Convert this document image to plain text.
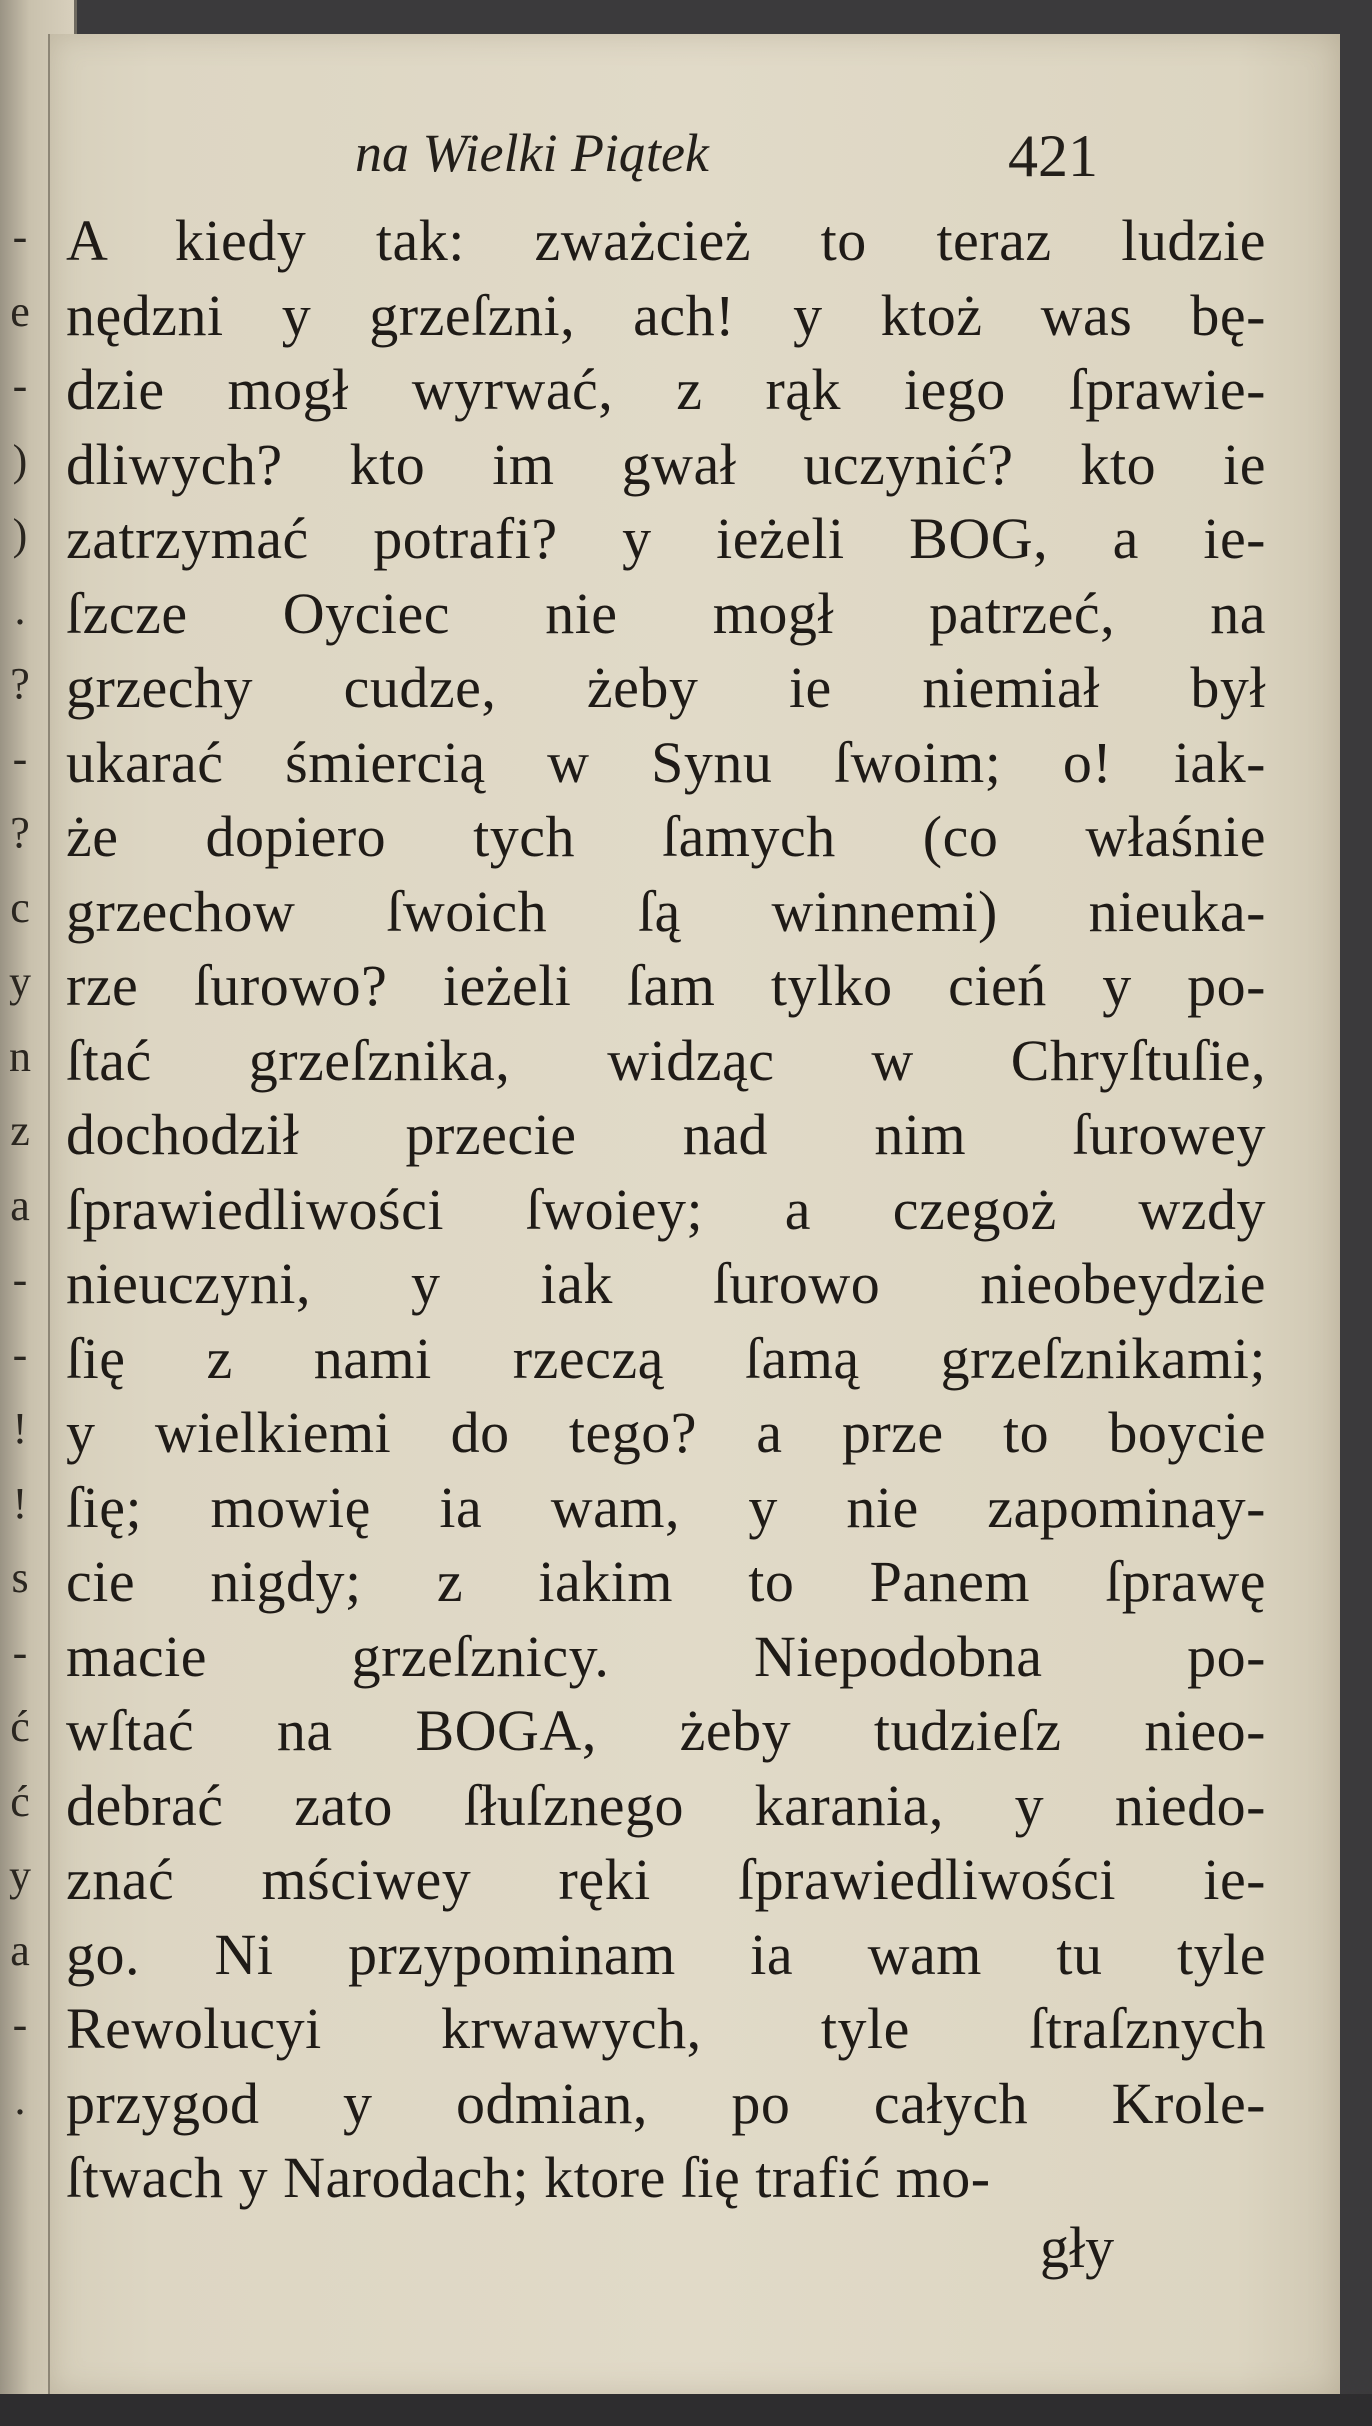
-
e
-
)
)
.
?
-
?
c
y
n
z
a
-
-
!
!
s
-
ć
ć
y
a
-
.
na Wielki Piątek	421
A kiedy tak: zważcież to teraz ludzie
nędzni y grzeſzni, ach! y ktoż was bę-
dzie mogł wyrwać, z rąk iego ſprawie-
dliwych? kto im gwał uczynić? kto ie
zatrzymać potrafi? y ieżeli BOG, a ie-
ſzcze Oyciec nie mogł patrzeć, na
grzechy cudze, żeby ie niemiał był
ukarać śmiercią w Synu ſwoim; o! iak-
że dopiero tych ſamych (co właśnie
grzechow ſwoich ſą winnemi) nieuka-
rze ſurowo? ieżeli ſam tylko cień y po-
ſtać grzeſznika, widząc w Chryſtuſie,
dochodził przecie nad nim ſurowey
ſprawiedliwości ſwoiey; a czegoż wzdy
nieuczyni, y iak ſurowo nieobeydzie
ſię z nami rzeczą ſamą grzeſznikami;
y wielkiemi do tego? a prze to boycie
ſię; mowię ia wam, y nie zapominay-
cie nigdy; z iakim to Panem ſprawę
macie grzeſznicy. Niepodobna po-
wſtać na BOGA, żeby tudzieſz nieo-
debrać zato ſłuſznego karania, y niedo-
znać mściwey ręki ſprawiedliwości ie-
go. Ni przypominam ia wam tu tyle
Rewolucyi krwawych, tyle ſtraſznych
przygod y odmian, po całych Krole-
ſtwach y Narodach; ktore ſię trafić mo-
gły
